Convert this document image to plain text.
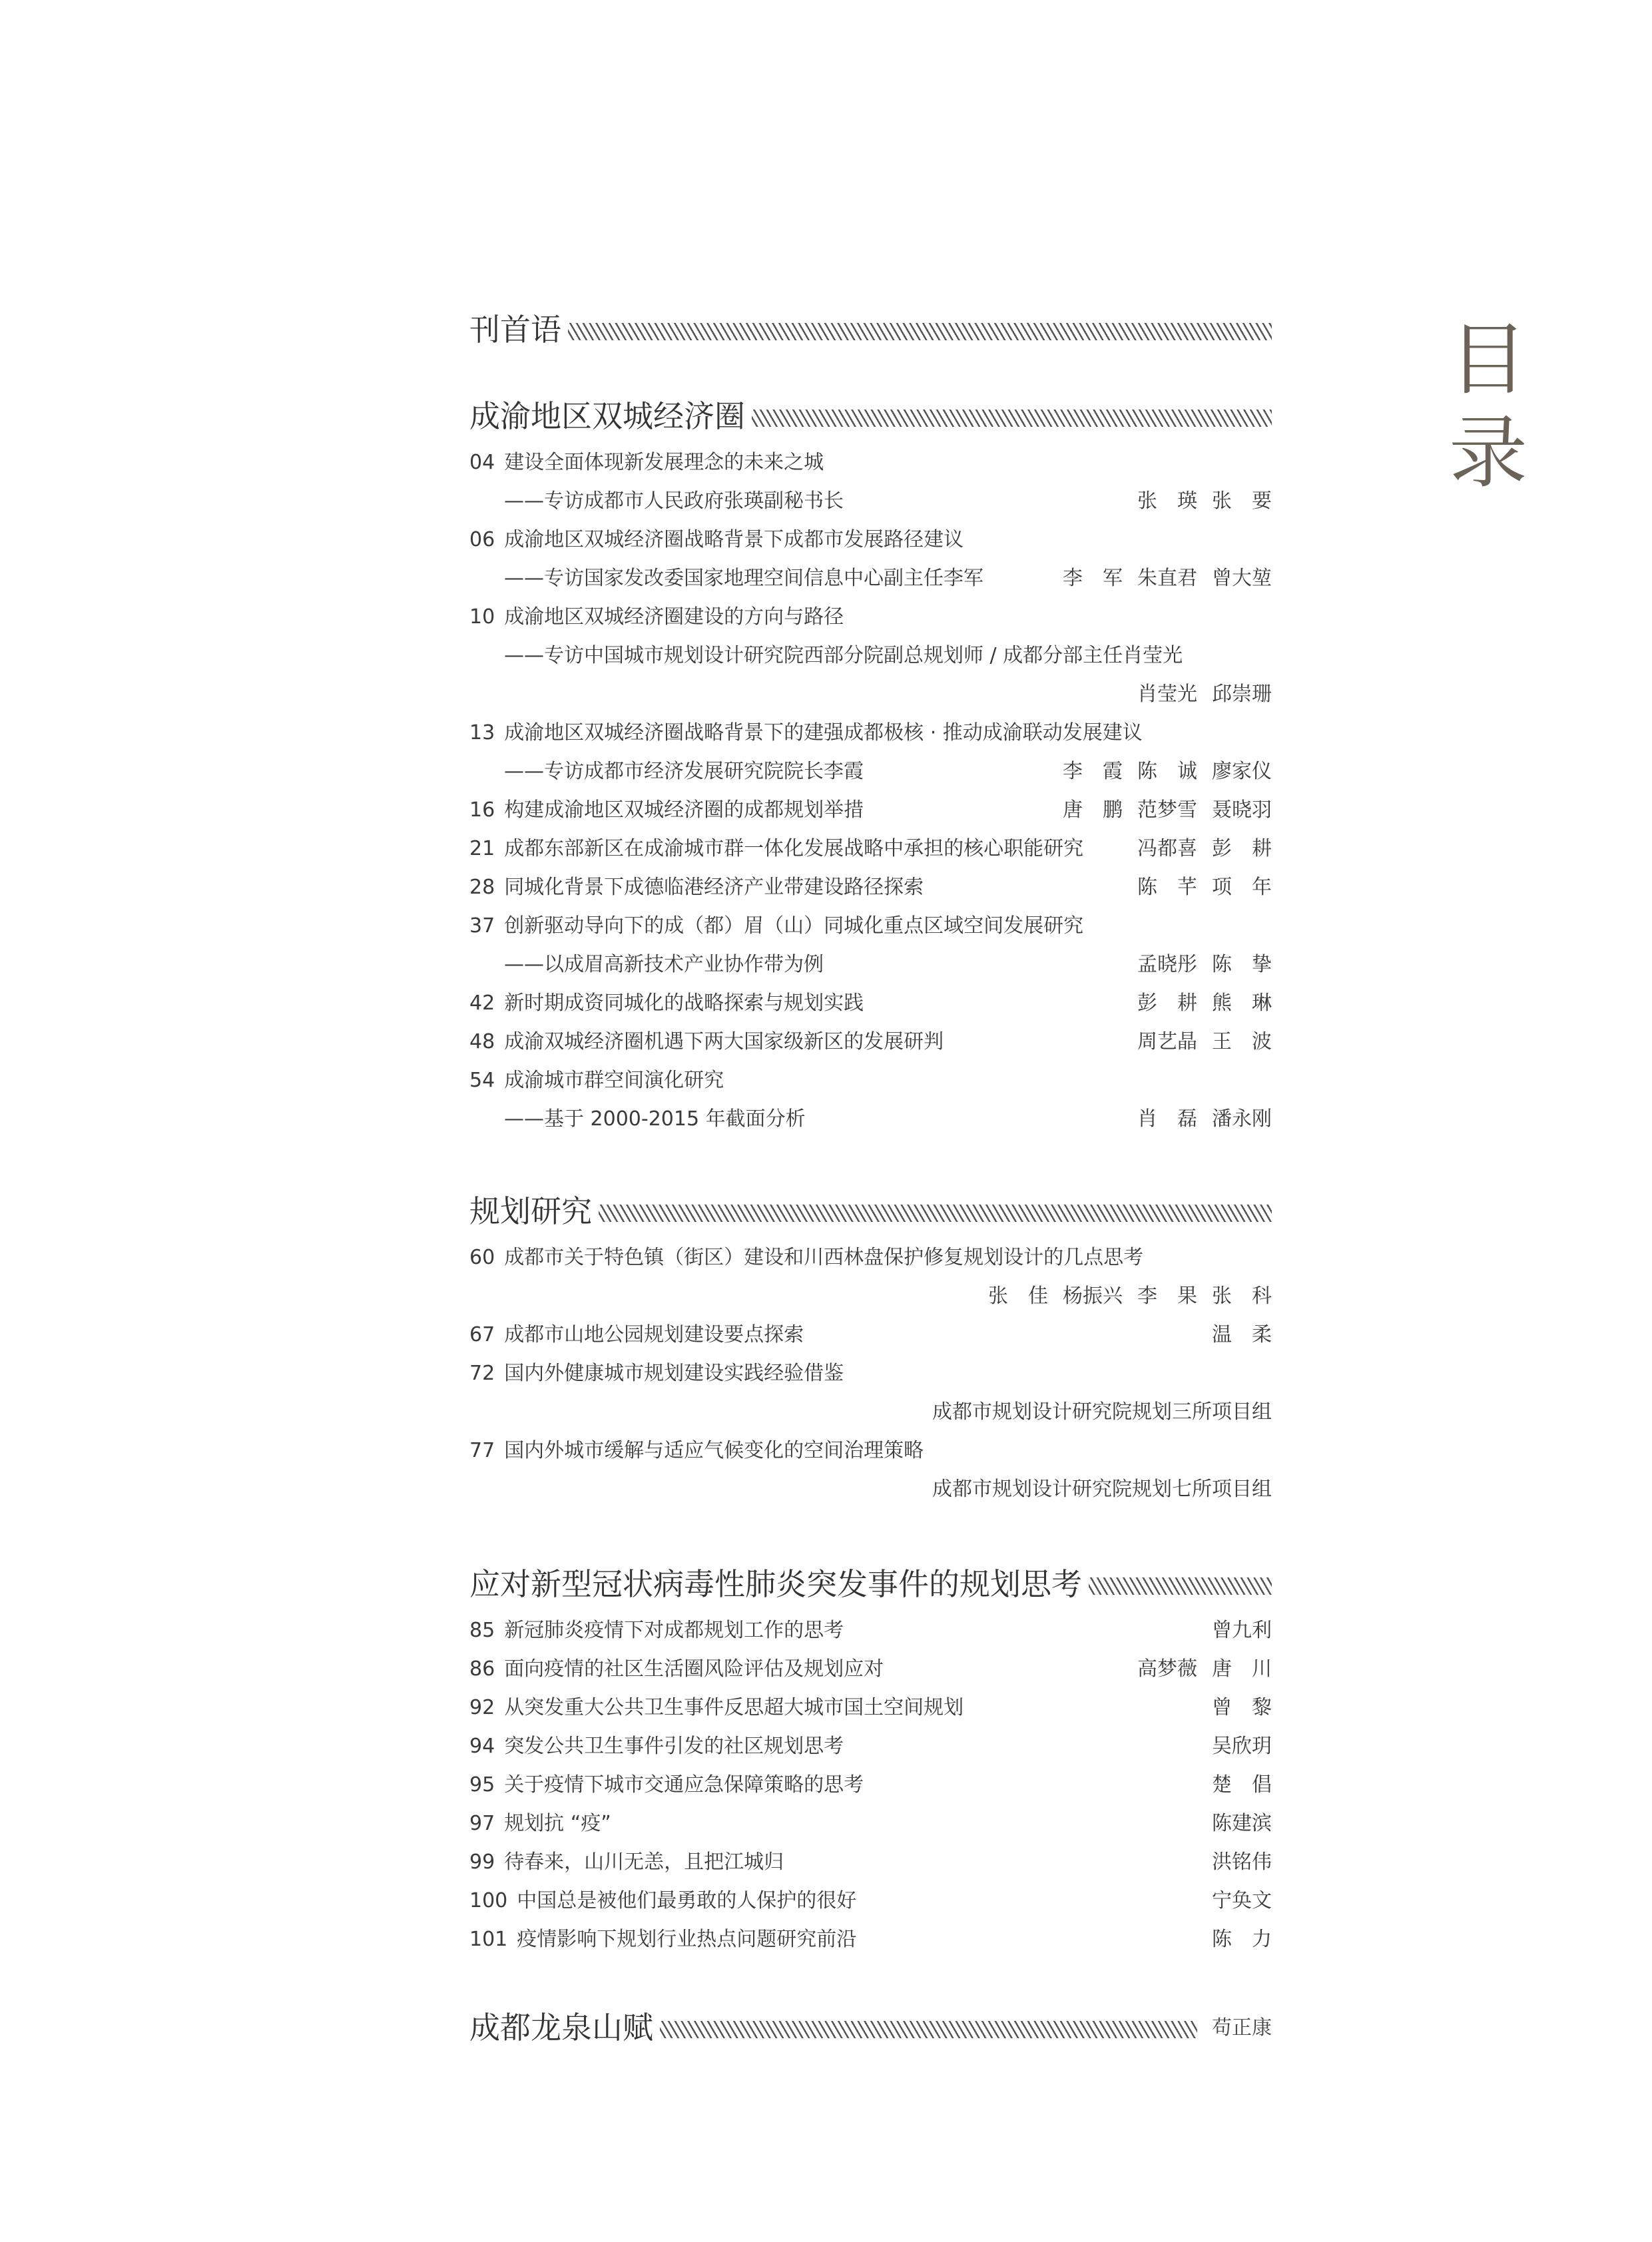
目
录
刊首语
成渝地区双城经济圈
04 建设全面体现新发展理念的未来之城
——专访成都市人民政府张瑛副秘书长	张　瑛 张　要
06 成渝地区双城经济圈战略背景下成都市发展路径建议
——专访国家发改委国家地理空间信息中心副主任李军	李　军 朱直君 曾大堃
10 成渝地区双城经济圈建设的方向与路径
——专访中国城市规划设计研究院西部分院副总规划师 / 成都分部主任肖莹光
肖莹光 邱崇珊
13 成渝地区双城经济圈战略背景下的建强成都极核 · 推动成渝联动发展建议
——专访成都市经济发展研究院院长李霞	李　霞 陈　诚 廖家仪
16 构建成渝地区双城经济圈的成都规划举措	唐　鹏 范梦雪 聂晓羽
21 成都东部新区在成渝城市群一体化发展战略中承担的核心职能研究	冯都喜 彭　耕
28 同城化背景下成德临港经济产业带建设路径探索	陈　芊 项　年
37 创新驱动导向下的成（都）眉（山）同城化重点区域空间发展研究
——以成眉高新技术产业协作带为例	孟晓彤 陈　挚
42 新时期成资同城化的战略探索与规划实践	彭　耕 熊　琳
48 成渝双城经济圈机遇下两大国家级新区的发展研判	周艺晶 王　波
54 成渝城市群空间演化研究
——基于 2000-2015 年截面分析	肖　磊 潘永刚
规划研究
60 成都市关于特色镇（街区）建设和川西林盘保护修复规划设计的几点思考
张　佳 杨振兴 李　果 张　科
67 成都市山地公园规划建设要点探索	温　柔
72 国内外健康城市规划建设实践经验借鉴
成都市规划设计研究院规划三所项目组
77 国内外城市缓解与适应气候变化的空间治理策略
成都市规划设计研究院规划七所项目组
应对新型冠状病毒性肺炎突发事件的规划思考
85 新冠肺炎疫情下对成都规划工作的思考	曾九利
86 面向疫情的社区生活圈风险评估及规划应对	高梦薇 唐　川
92 从突发重大公共卫生事件反思超大城市国土空间规划	曾　黎
94 突发公共卫生事件引发的社区规划思考	吴欣玥
95 关于疫情下城市交通应急保障策略的思考	楚　倡
97 规划抗 “疫”	陈建滨
99 待春来，山川无恙，且把江城归	洪铭伟
100 中国总是被他们最勇敢的人保护的很好	宁奂文
101 疫情影响下规划行业热点问题研究前沿	陈　力
成都龙泉山赋	苟正康
